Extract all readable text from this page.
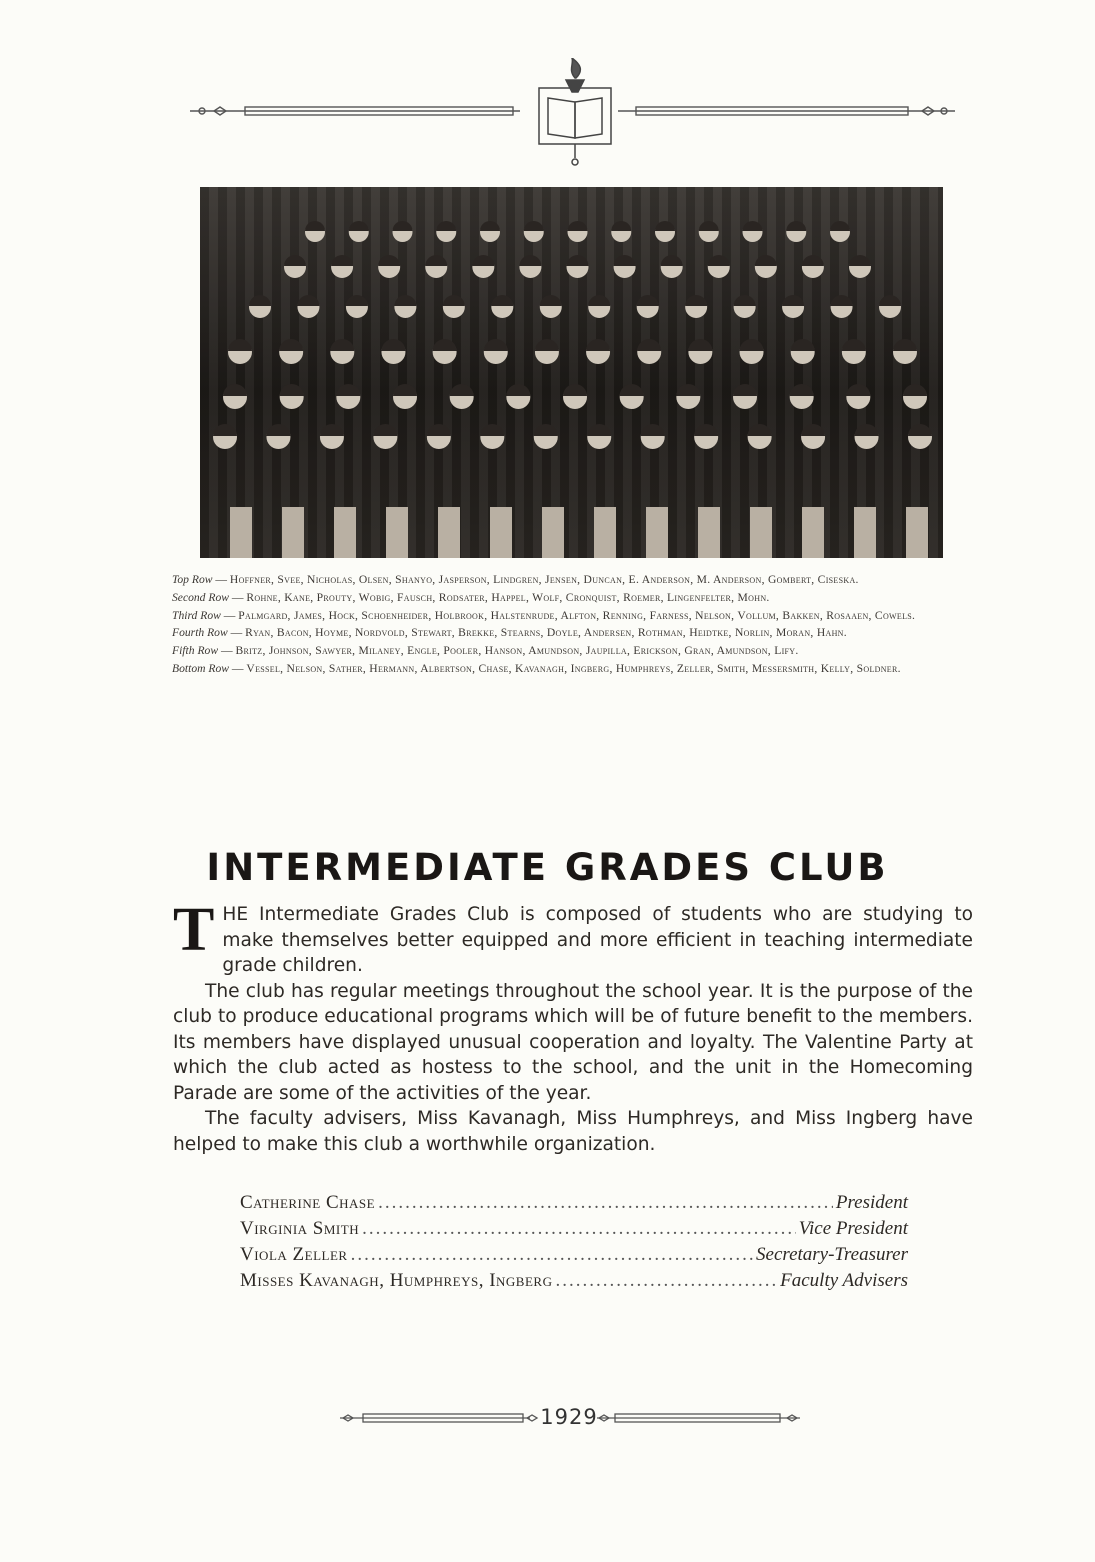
Top Row — Hoffner, Svee, Nicholas, Olsen, Shanyo, Jasperson, Lindgren, Jensen, Duncan, E. Anderson, M. Anderson, Gombert, Ciseska.

Second Row — Rohne, Kane, Prouty, Wobig, Fausch, Rodsater, Happel, Wolf, Cronquist, Roemer, Lingenfelter, Mohn.

Third Row — Palmgard, James, Hock, Schoenheider, Holbrook, Halstenrude, Alfton, Renning, Farness, Nelson, Vollum, Bakken, Rosaaen, Cowels.

Fourth Row — Ryan, Bacon, Hoyme, Nordvold, Stewart, Brekke, Stearns, Doyle, Andersen, Rothman, Heidtke, Norlin, Moran, Hahn.

Fifth Row — Britz, Johnson, Sawyer, Milaney, Engle, Pooler, Hanson, Amundson, Jaupilla, Erickson, Gran, Amundson, Lify.

Bottom Row — Vessel, Nelson, Sather, Hermann, Albertson, Chase, Kavanagh, Ingberg, Humphreys, Zeller, Smith, Messersmith, Kelly, Soldner.

INTERMEDIATE GRADES CLUB

THE Intermediate Grades Club is composed of students who are studying to make themselves better equipped and more efficient in teaching intermediate grade children.

The club has regular meetings throughout the school year. It is the purpose of the club to produce educational programs which will be of future benefit to the members. Its members have displayed unusual cooperation and loyalty. The Valentine Party at which the club acted as hostess to the school, and the unit in the Homecoming Parade are some of the activities of the year.

The faculty advisers, Miss Kavanagh, Miss Humphreys, and Miss Ingberg have helped to make this club a worthwhile organization.

Catherine Chase .....	President
Virginia Smith .....	Vice President
Viola Zeller .....	Secretary-Treasurer
Misses Kavanagh, Humphreys, Ingberg .....	Faculty Advisers
1929
